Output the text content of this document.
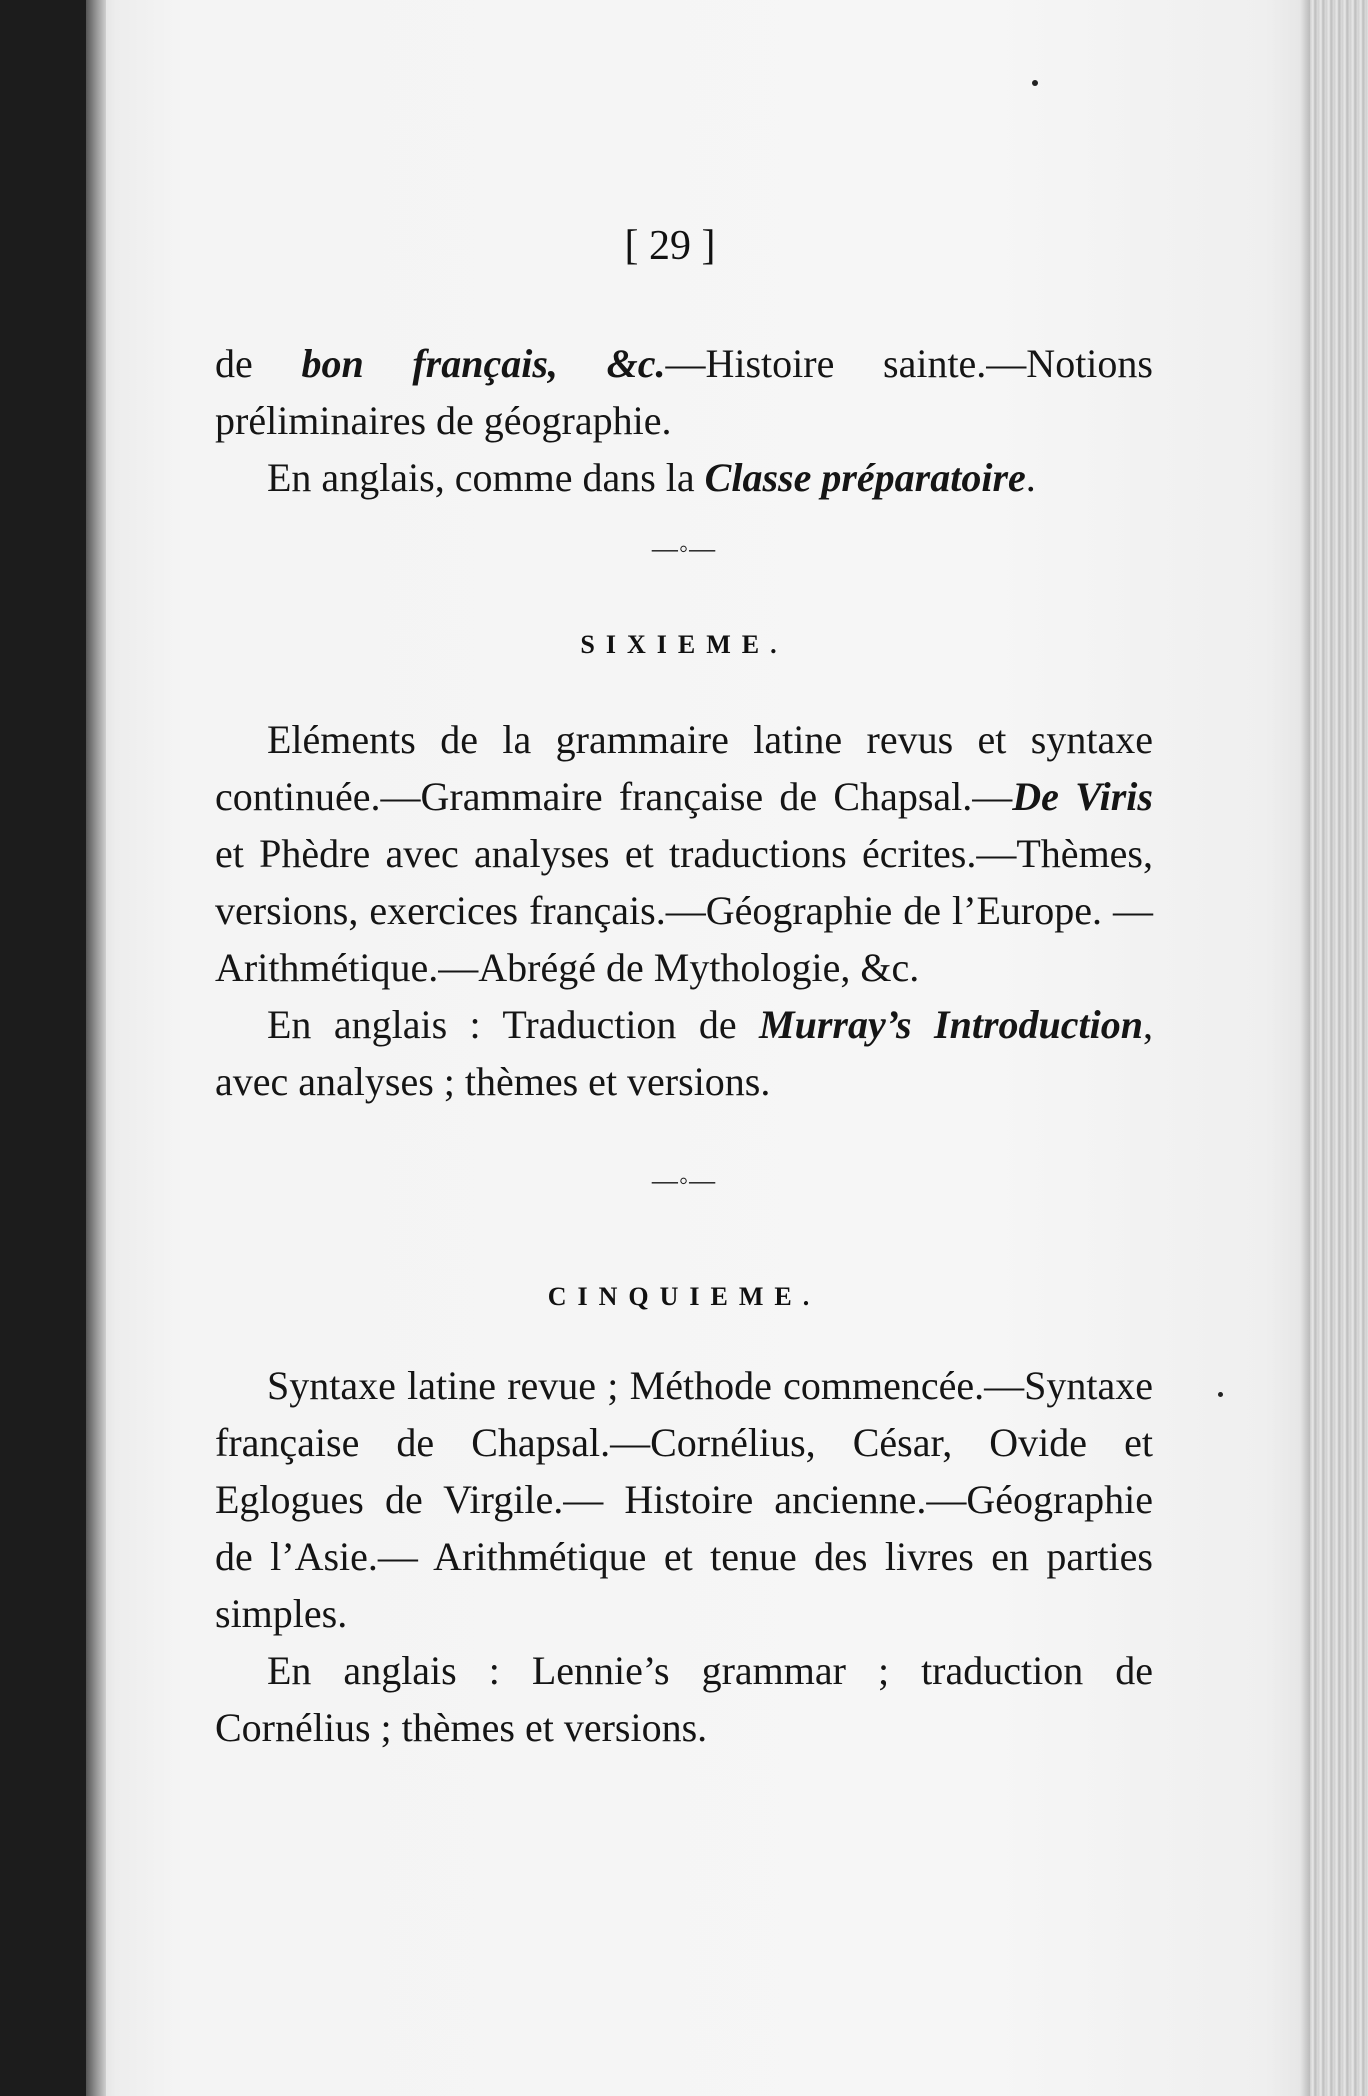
[ 29 ]

de bon français, &c.—Histoire sainte.—Notions préliminaires de géographie.

En anglais, comme dans la Classe préparatoire.

—◦—
SIXIEME.

Eléments de la grammaire latine revus et syntaxe continuée.—Grammaire française de Chapsal.—De Viris et Phèdre avec analyses et traductions écrites.—Thèmes, versions, exercices français.—Géographie de l’Europe. —Arithmétique.—Abrégé de Mythologie, &c.

En anglais : Traduction de Murray’s Introduction, avec analyses ; thèmes et versions.

—◦—
CINQUIEME.

Syntaxe latine revue ; Méthode commencée.—Syntaxe française de Chapsal.—Cornélius, César, Ovide et Eglogues de Virgile.— Histoire ancienne.—Géographie de l’Asie.— Arithmétique et tenue des livres en parties simples.

En anglais : Lennie’s grammar ; traduction de Cornélius ; thèmes et versions.
